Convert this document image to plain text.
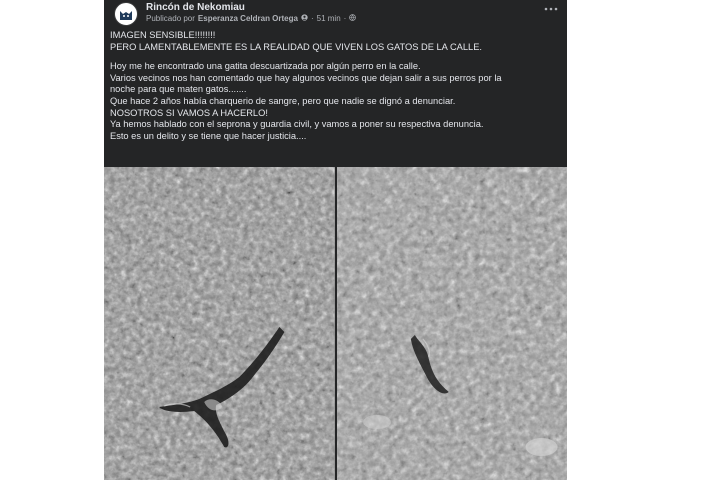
Rincón de Nekomiau
Publicado por Esperanza Celdran Ortega · 51 min ·

IMAGEN SENSIBLE!!!!!!!!

PERO LAMENTABLEMENTE ES LA REALIDAD QUE VIVEN LOS GATOS DE LA CALLE.

Hoy me he encontrado una gatita descuartizada por algún perro en la calle.

Varios vecinos nos han comentado que hay algunos vecinos que dejan salir a sus perros por la

noche para que maten gatos.......

Que hace 2 años había charquerio de sangre, pero que nadie se dignó a denunciar.

NOSOTROS SI VAMOS A HACERLO!

Ya hemos hablado con el seprona y guardia civil, y vamos a poner su respectiva denuncia.

Esto es un delito y se tiene que hacer justicia....
